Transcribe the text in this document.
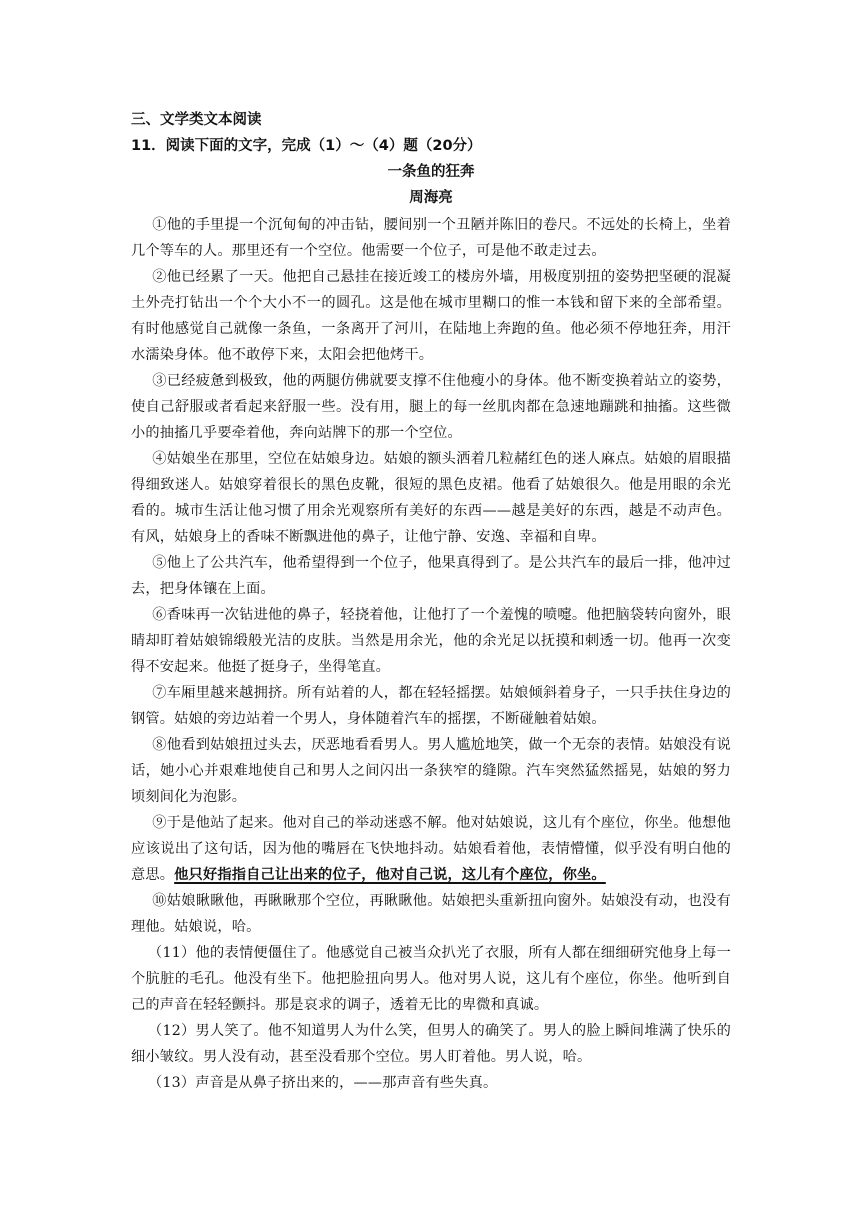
三、文学类文本阅读

11．阅读下面的文字，完成（1）～（4）题（20分）

一条鱼的狂奔

周海亮

①他的手里提一个沉甸甸的冲击钻，腰间别一个丑陋并陈旧的卷尺。不远处的长椅上，坐着几个等车的人。那里还有一个空位。他需要一个位子，可是他不敢走过去。

②他已经累了一天。他把自己悬挂在接近竣工的楼房外墙，用极度别扭的姿势把坚硬的混凝土外壳打钻出一个个大小不一的圆孔。这是他在城市里糊口的惟一本钱和留下来的全部希望。有时他感觉自己就像一条鱼，一条离开了河川，在陆地上奔跑的鱼。他必须不停地狂奔，用汗水濡染身体。他不敢停下来，太阳会把他烤干。

③已经疲惫到极致，他的两腿仿佛就要支撑不住他瘦小的身体。他不断变换着站立的姿势，使自己舒服或者看起来舒服一些。没有用，腿上的每一丝肌肉都在急速地蹦跳和抽搐。这些微小的抽搐几乎要牵着他，奔向站牌下的那一个空位。

④姑娘坐在那里，空位在姑娘身边。姑娘的额头洒着几粒赭红色的迷人麻点。姑娘的眉眼描得细致迷人。姑娘穿着很长的黑色皮靴，很短的黑色皮裙。他看了姑娘很久。他是用眼的余光看的。城市生活让他习惯了用余光观察所有美好的东西——越是美好的东西，越是不动声色。有风，姑娘身上的香味不断飘进他的鼻子，让他宁静、安逸、幸福和自卑。

⑤他上了公共汽车，他希望得到一个位子，他果真得到了。是公共汽车的最后一排，他冲过去，把身体镶在上面。

⑥香味再一次钻进他的鼻子，轻挠着他，让他打了一个羞愧的喷嚏。他把脑袋转向窗外，眼睛却盯着姑娘锦缎般光洁的皮肤。当然是用余光，他的余光足以抚摸和刺透一切。他再一次变得不安起来。他挺了挺身子，坐得笔直。

⑦车厢里越来越拥挤。所有站着的人，都在轻轻摇摆。姑娘倾斜着身子，一只手扶住身边的钢管。姑娘的旁边站着一个男人，身体随着汽车的摇摆，不断碰触着姑娘。

⑧他看到姑娘扭过头去，厌恶地看看男人。男人尴尬地笑，做一个无奈的表情。姑娘没有说话，她小心并艰难地使自己和男人之间闪出一条狭窄的缝隙。汽车突然猛然摇晃，姑娘的努力顷刻间化为泡影。

⑨于是他站了起来。他对自己的举动迷惑不解。他对姑娘说，这儿有个座位，你坐。他想他应该说出了这句话，因为他的嘴唇在飞快地抖动。姑娘看着他，表情懵懂，似乎没有明白他的意思。他只好指指自己让出来的位子，他对自己说，这儿有个座位，你坐。

⑩姑娘瞅瞅他，再瞅瞅那个空位，再瞅瞅他。姑娘把头重新扭向窗外。姑娘没有动，也没有理他。姑娘说，哈。

（11）他的表情便僵住了。他感觉自己被当众扒光了衣服，所有人都在细细研究他身上每一个肮脏的毛孔。他没有坐下。他把脸扭向男人。他对男人说，这儿有个座位，你坐。他听到自己的声音在轻轻颤抖。那是哀求的调子，透着无比的卑微和真诚。

（12）男人笑了。他不知道男人为什么笑，但男人的确笑了。男人的脸上瞬间堆满了快乐的细小皱纹。男人没有动，甚至没看那个空位。男人盯着他。男人说，哈。

（13）声音是从鼻子挤出来的，——那声音有些失真。
